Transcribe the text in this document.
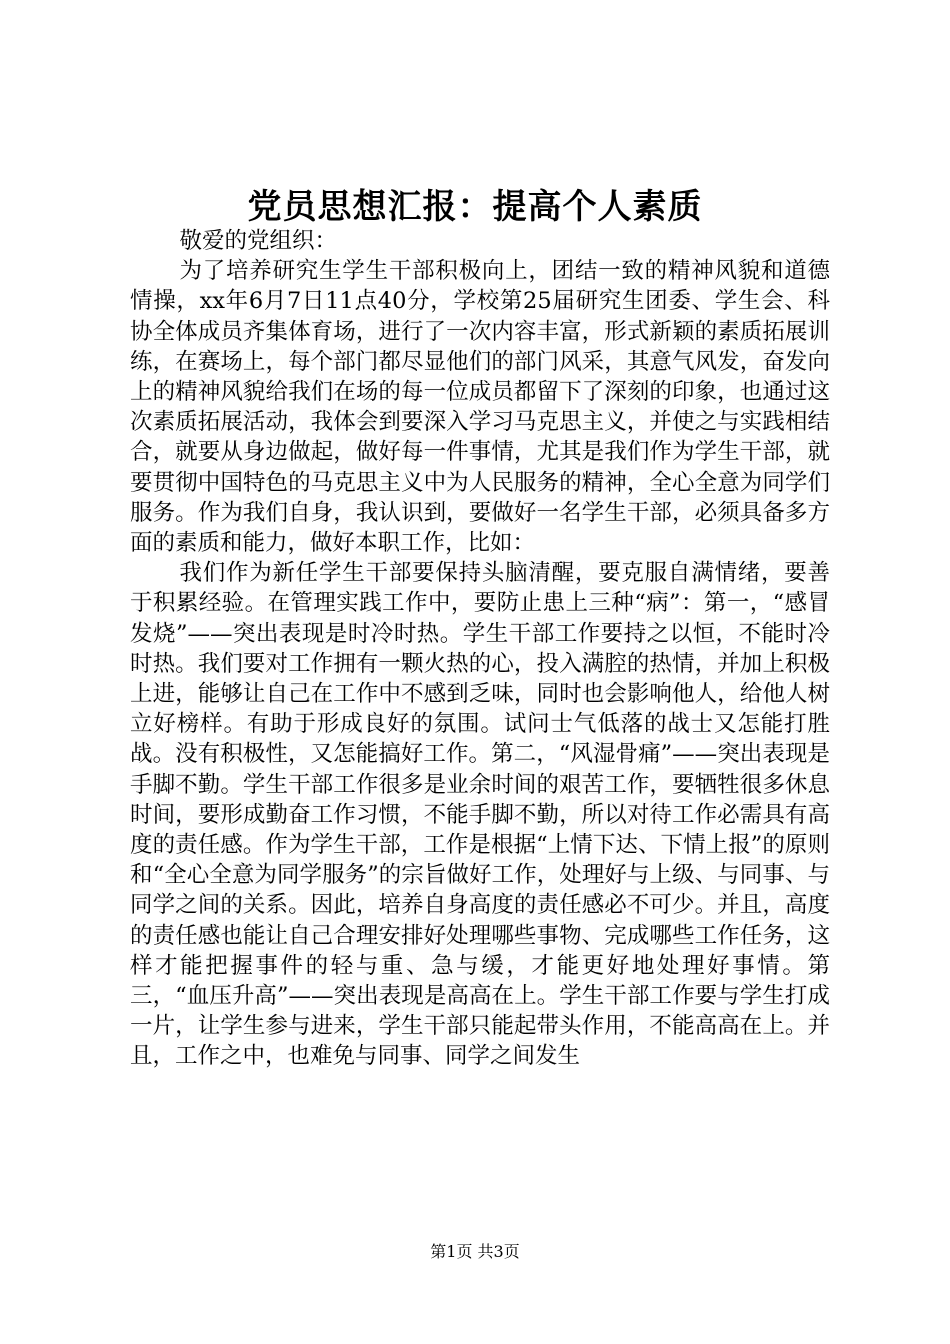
党员思想汇报：提高个人素质

敬爱的党组织：

为了培养研究生学生干部积极向上，团结一致的精神风貌和道德情操，xx年6月7日11点40分，学校第25届研究生团委、学生会、科协全体成员齐集体育场，进行了一次内容丰富，形式新颖的素质拓展训练，在赛场上，每个部门都尽显他们的部门风采，其意气风发，奋发向上的精神风貌给我们在场的每一位成员都留下了深刻的印象，也通过这次素质拓展活动，我体会到要深入学习马克思主义，并使之与实践相结合，就要从身边做起，做好每一件事情，尤其是我们作为学生干部，就要贯彻中国特色的马克思主义中为人民服务的精神，全心全意为同学们服务。作为我们自身，我认识到，要做好一名学生干部，必须具备多方面的素质和能力，做好本职工作，比如：

我们作为新任学生干部要保持头脑清醒，要克服自满情绪，要善于积累经验。在管理实践工作中，要防止患上三种“病”：第一，“感冒发烧”——突出表现是时冷时热。学生干部工作要持之以恒，不能时冷时热。我们要对工作拥有一颗火热的心，投入满腔的热情，并加上积极上进，能够让自己在工作中不感到乏味，同时也会影响他人，给他人树立好榜样。有助于形成良好的氛围。试问士气低落的战士又怎能打胜战。没有积极性，又怎能搞好工作。第二，“风湿骨痛”——突出表现是手脚不勤。学生干部工作很多是业余时间的艰苦工作，要牺牲很多休息时间，要形成勤奋工作习惯，不能手脚不勤，所以对待工作必需具有高度的责任感。作为学生干部，工作是根据“上情下达、下情上报”的原则和“全心全意为同学服务”的宗旨做好工作，处理好与上级、与同事、与同学之间的关系。因此，培养自身高度的责任感必不可少。并且，高度的责任感也能让自己合理安排好处理哪些事物、完成哪些工作任务，这样才能把握事件的轻与重、急与缓，才能更好地处理好事情。第三，“血压升高”——突出表现是高高在上。学生干部工作要与学生打成一片，让学生参与进来，学生干部只能起带头作用，不能高高在上。并且，工作之中，也难免与同事、同学之间发生

第1页 共3页
